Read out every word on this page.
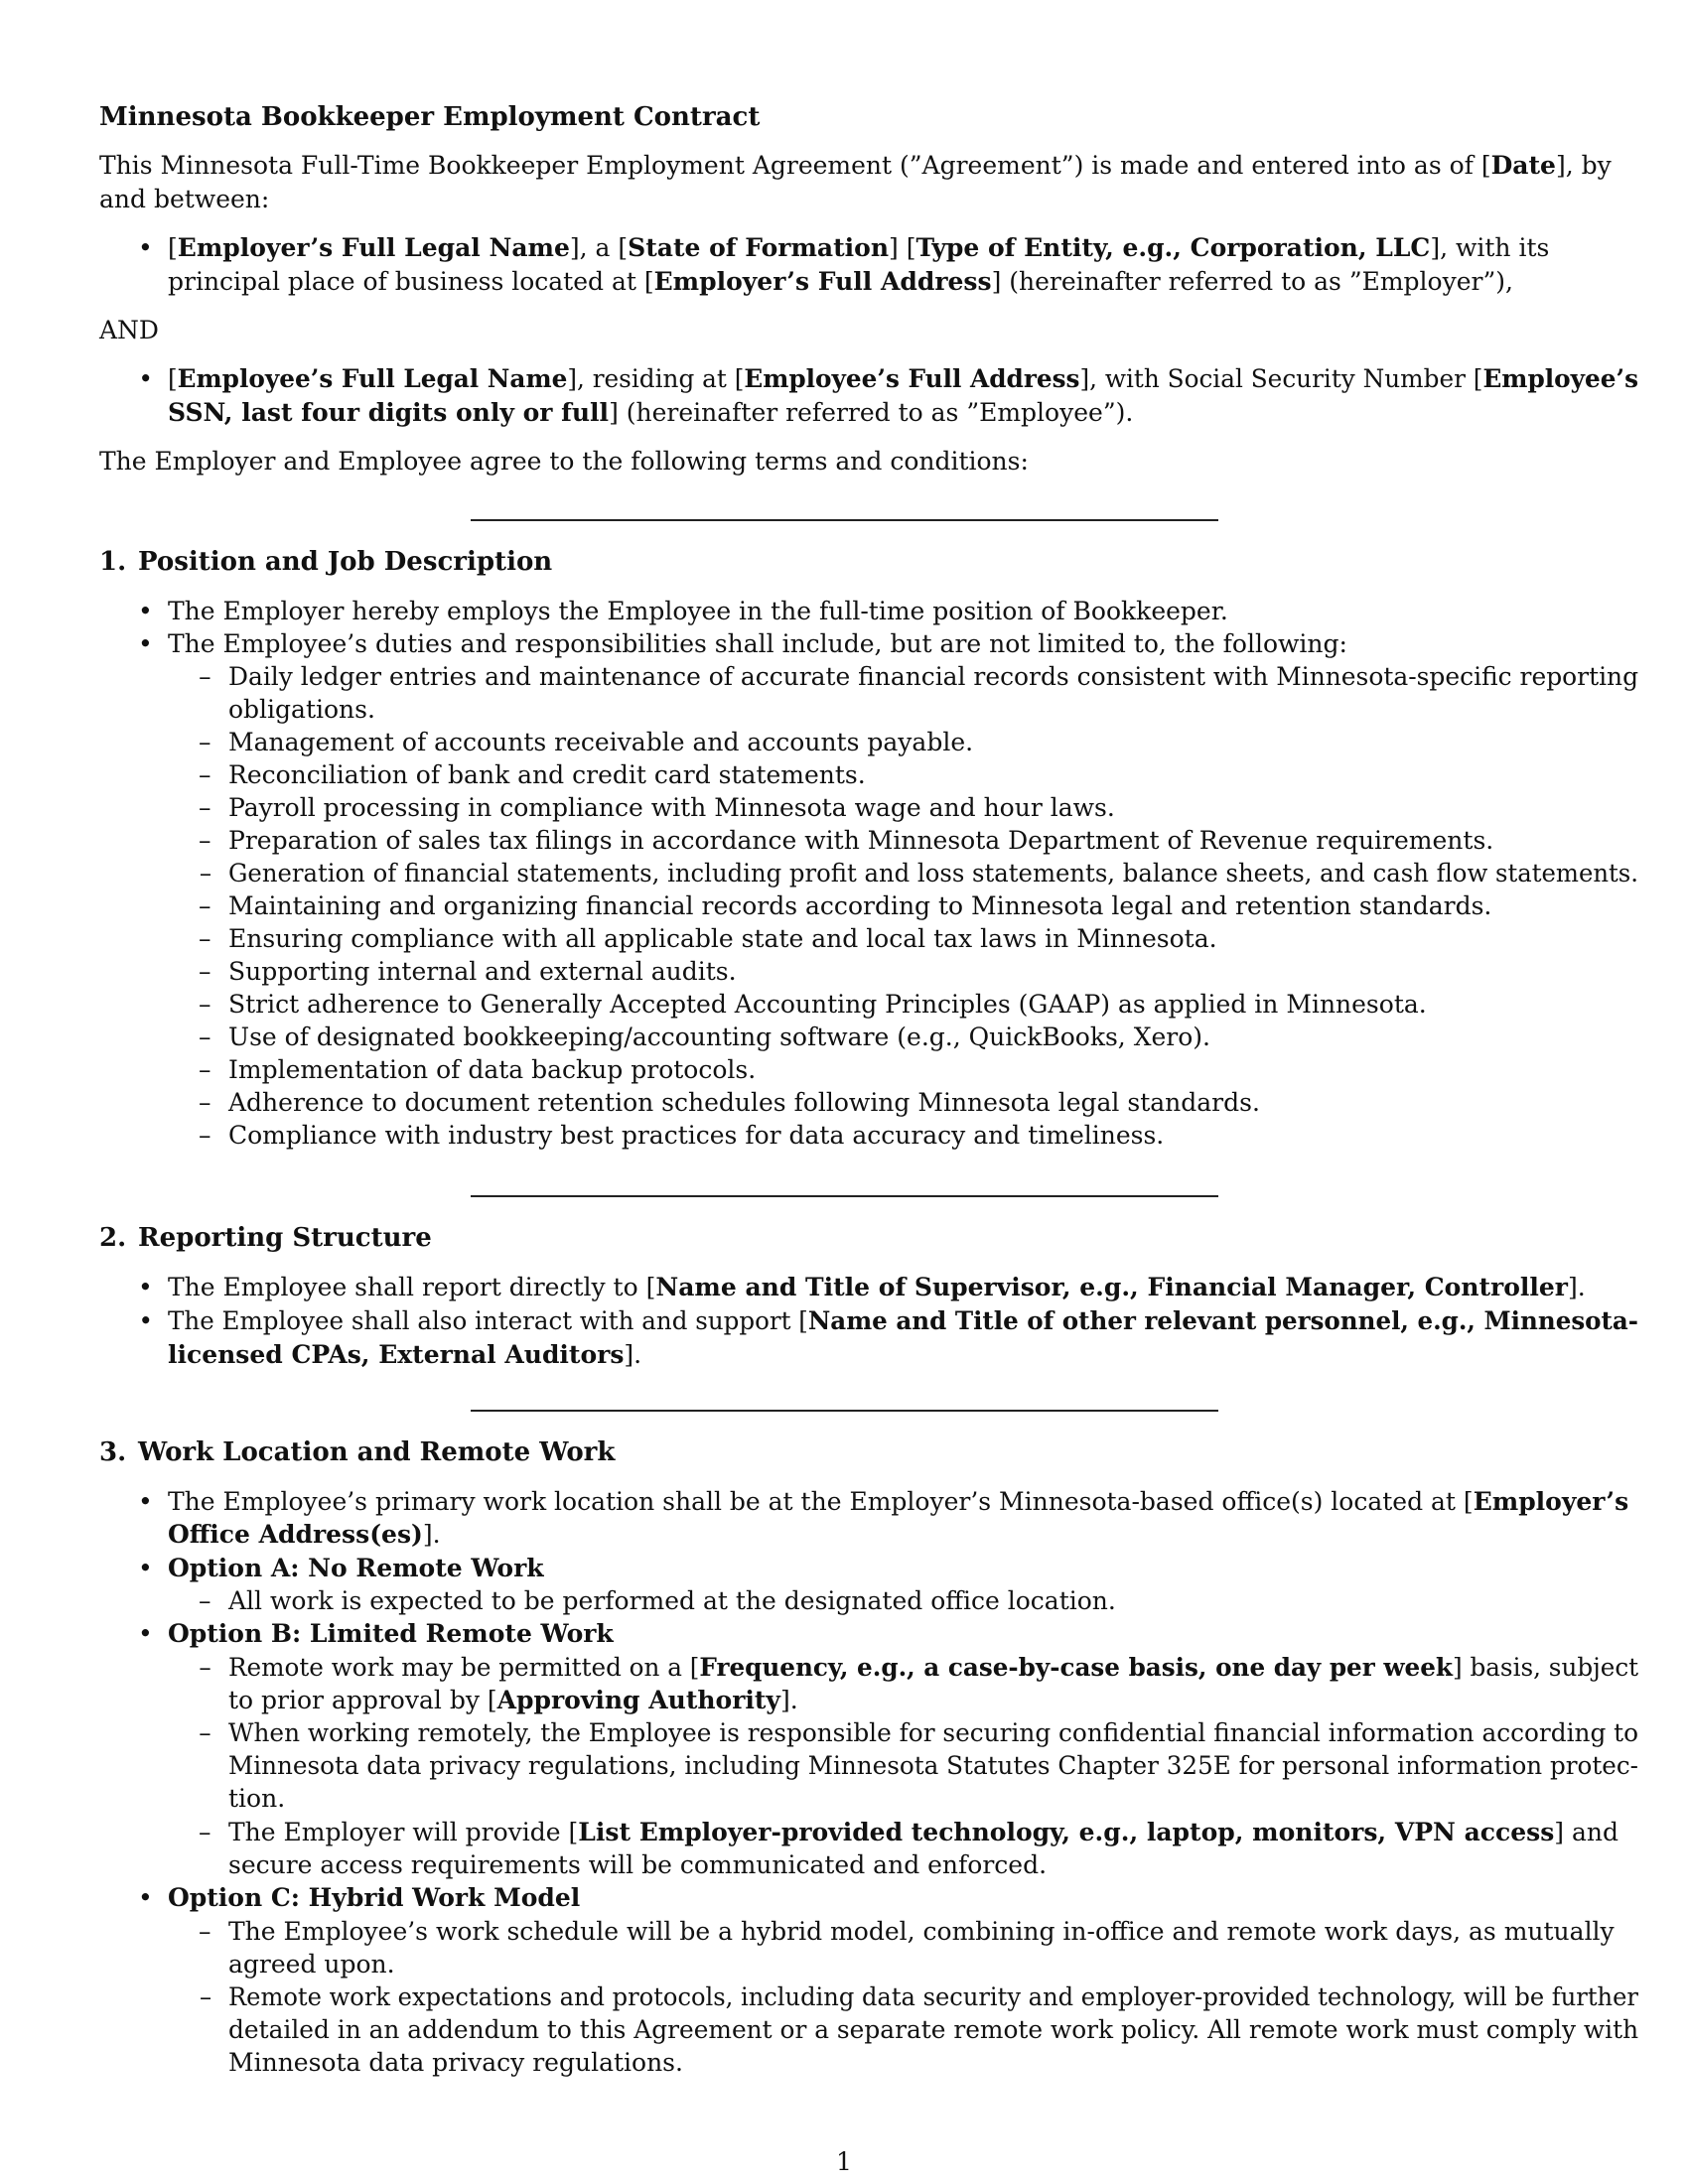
Minnesota Bookkeeper Employment Contract
This Minnesota Full-Time Bookkeeper Employment Agreement (”Agreement”) is made and entered into as of [Date], by
and between:
• [Employer’s Full Legal Name], a [State of Formation] [Type of Entity, e.g., Corporation, LLC], with its
principal place of business located at [Employer’s Full Address] (hereinafter referred to as ”Employer”),
AND
• [Employee’s Full Legal Name], residing at [Employee’s Full Address], with Social Security Number [Employee’s
SSN, last four digits only or full] (hereinafter referred to as ”Employee”).
The Employer and Employee agree to the following terms and conditions:
1. Position and Job Description
• The Employer hereby employs the Employee in the full-time position of Bookkeeper.
• The Employee’s duties and responsibilities shall include, but are not limited to, the following:
– Daily ledger entries and maintenance of accurate financial records consistent with Minnesota-specific reporting
obligations.
– Management of accounts receivable and accounts payable.
– Reconciliation of bank and credit card statements.
– Payroll processing in compliance with Minnesota wage and hour laws.
– Preparation of sales tax filings in accordance with Minnesota Department of Revenue requirements.
– Generation of financial statements, including profit and loss statements, balance sheets, and cash flow statements.
– Maintaining and organizing financial records according to Minnesota legal and retention standards.
– Ensuring compliance with all applicable state and local tax laws in Minnesota.
– Supporting internal and external audits.
– Strict adherence to Generally Accepted Accounting Principles (GAAP) as applied in Minnesota.
– Use of designated bookkeeping/accounting software (e.g., QuickBooks, Xero).
– Implementation of data backup protocols.
– Adherence to document retention schedules following Minnesota legal standards.
– Compliance with industry best practices for data accuracy and timeliness.
2. Reporting Structure
• The Employee shall report directly to [Name and Title of Supervisor, e.g., Financial Manager, Controller].
• The Employee shall also interact with and support [Name and Title of other relevant personnel, e.g., Minnesota-
licensed CPAs, External Auditors].
3. Work Location and Remote Work
• The Employee’s primary work location shall be at the Employer’s Minnesota-based office(s) located at [Employer’s
Office Address(es)].
• Option A: No Remote Work
– All work is expected to be performed at the designated office location.
• Option B: Limited Remote Work
– Remote work may be permitted on a [Frequency, e.g., a case-by-case basis, one day per week] basis, subject
to prior approval by [Approving Authority].
– When working remotely, the Employee is responsible for securing confidential financial information according to
Minnesota data privacy regulations, including Minnesota Statutes Chapter 325E for personal information protec-
tion.
– The Employer will provide [List Employer-provided technology, e.g., laptop, monitors, VPN access] and
secure access requirements will be communicated and enforced.
• Option C: Hybrid Work Model
– The Employee’s work schedule will be a hybrid model, combining in-office and remote work days, as mutually
agreed upon.
– Remote work expectations and protocols, including data security and employer-provided technology, will be further
detailed in an addendum to this Agreement or a separate remote work policy. All remote work must comply with
Minnesota data privacy regulations.
1
